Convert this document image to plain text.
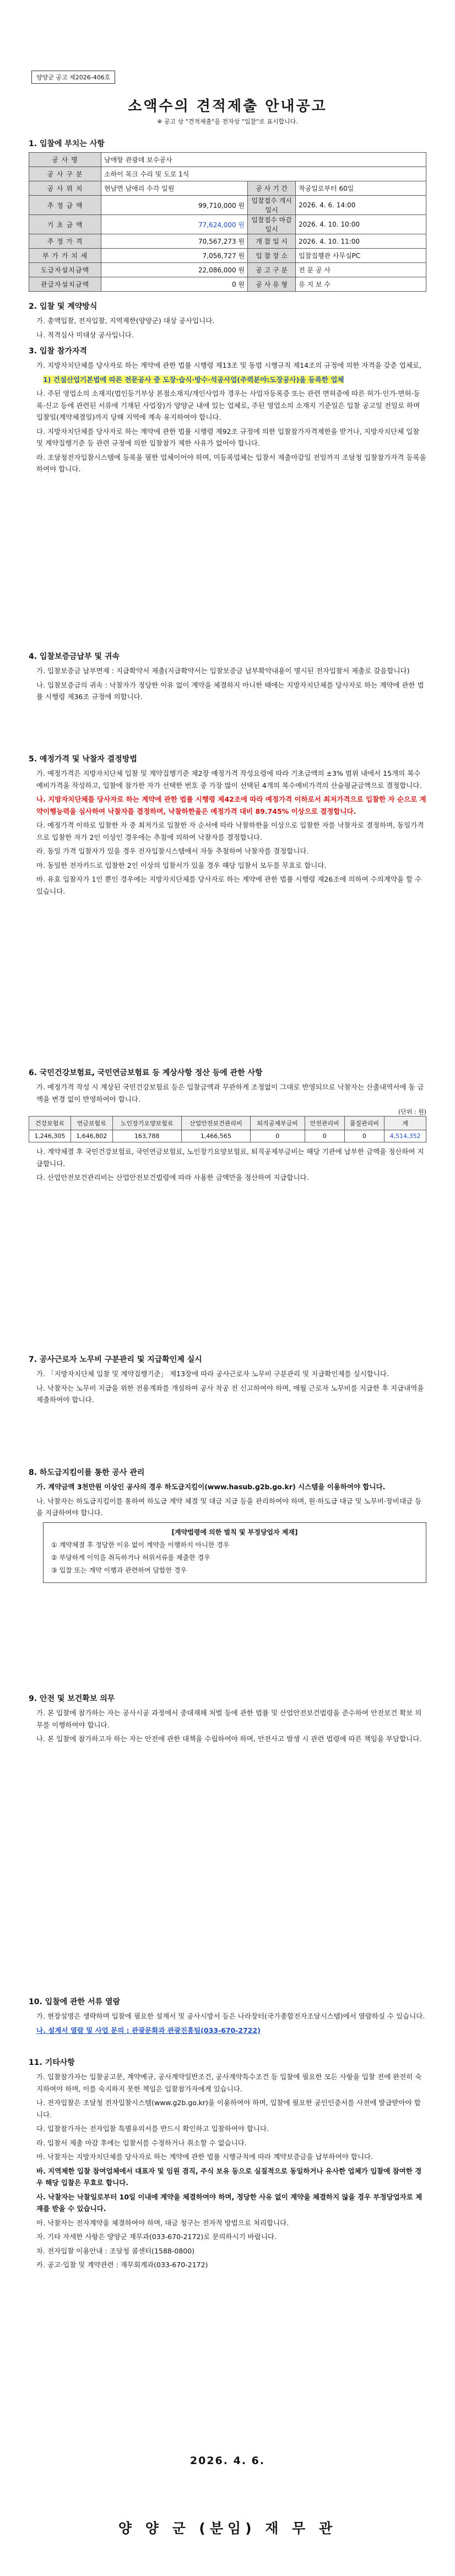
양양군 공고 제2026-406호
소액수의 견적제출 안내공고
※ 공고 상 "견적제출"을 전자상 "입찰"로 표시합니다.
1. 입찰에 부치는 사항
공 사 명	남애항 관광데 보수공사		
공 사 구 분	소하이 목크 수리 및 도로 1식		
공 사 위 치	현남면 남애리 수각 일원	공 사 기 간	착공일로부터 60일
추 정 금 액	99,710,000 원	입찰접수 개시일시	2026. 4. 6. 14:00
기 초 금 액	77,624,000 원	입찰접수 마감일시	2026. 4. 10. 10:00
추 정 가 격	70,567,273 원	개 찰 일 시	2026. 4. 10. 11:00
부 가 가 치 세	7,056,727 원	입 찰 장 소	입찰집행관 사무실PC
도급자설치금액	22,086,000 원	공 고 구 분	전 문 공 사
관급자설치금액	0 원	공 사 유 형	유 지 보 수
2. 입찰 및 계약방식

가. 총액입찰, 전자입찰, 지역제한(양양군) 대상 공사입니다.

나. 적격심사 미대상 공사입니다.

3. 입찰 참가자격

가. 지방자치단체를 당사자로 하는 계약에 관한 법률 시행령 제13조 및 동법 시행규칙 제14조의 규정에 의한 자격을 갖춘 업체로,

1) 건설산업기본법에 따른 전문공사 중 도장·습식·방수·석공사업(주력분야:도장공사)을 등록한 업체

나. 주된 영업소의 소재지(법인등기부상 본점소재지/개인사업자 경우는 사업자등록증 또는 관련 면허증에 따른 허가·인가·면허·등록·신고 등에 관련된 서류에 기재된 사업장)가 양양군 내에 있는 업체로, 주된 영업소의 소재지 기준일은 입찰 공고일 전일로 하며 입찰일(계약체결일)까지 당해 지역에 계속 유지하여야 합니다.

다. 지방자치단체를 당사자로 하는 계약에 관한 법률 시행령 제92조 규정에 의한 입찰참가자격제한을 받거나, 지방자치단체 입찰 및 계약집행기준 등 관련 규정에 의한 입찰참가 제한 사유가 없어야 합니다.

라. 조달청전자입찰시스템에 등록을 필한 업체이어야 하며, 미등록업체는 입찰서 제출마감일 전일까지 조달청 입찰참가자격 등록을 하여야 합니다.

4. 입찰보증금납부 및 귀속

가. 입찰보증금 납부면제 : 지급확약서 제출(지급확약서는 입찰보증금 납부확약내용이 명시된 전자입찰서 제출로 갈음합니다)

나. 입찰보증금의 귀속 : 낙찰자가 정당한 이유 없이 계약을 체결하지 아니한 때에는 지방자치단체를 당사자로 하는 계약에 관한 법률 시행령 제36조 규정에 의합니다.

5. 예정가격 및 낙찰자 결정방법

가. 예정가격은 지방자치단체 입찰 및 계약집행기준 제2장 예정가격 작성요령에 따라 기초금액의 ±3% 범위 내에서 15개의 복수예비가격을 작성하고, 입찰에 참가한 자가 선택한 번호 중 가장 많이 선택된 4개의 복수예비가격의 산술평균금액으로 결정합니다.

나. 지방자치단체를 당사자로 하는 계약에 관한 법률 시행령 제42조에 따라 예정가격 이하로서 최저가격으로 입찰한 자 순으로 계약이행능력을 심사하여 낙찰자를 결정하며, 낙찰하한율은 예정가격 대비 89.745% 이상으로 결정합니다.

다. 예정가격 이하로 입찰한 자 중 최저가로 입찰한 자 순서에 따라 낙찰하한율 이상으로 입찰한 자를 낙찰자로 결정하며, 동일가격으로 입찰한 자가 2인 이상인 경우에는 추첨에 의하여 낙찰자를 결정합니다.

라. 동일 가격 입찰자가 있을 경우 전자입찰시스템에서 자동 추첨하여 낙찰자를 결정합니다.

마. 동일한 전자카드로 입찰한 2인 이상의 입찰서가 있을 경우 해당 입찰서 모두를 무효로 합니다.

바. 유효 입찰자가 1인 뿐인 경우에는 지방자치단체를 당사자로 하는 계약에 관한 법률 시행령 제26조에 의하여 수의계약을 할 수 있습니다.

6. 국민건강보험료, 국민연금보험료 등 계상사항 정산 등에 관한 사항

가. 예정가격 작성 시 계상된 국민건강보험료 등은 입찰금액과 무관하게 조정없이 그대로 반영되므로 낙찰자는 산출내역서에 동 금액을 변경 없이 반영하여야 합니다.

(단위 : 원)
건강보험료	연금보험료	노인장기요양보험료	산업안전보건관리비	퇴직공제부금비	안전관리비	품질관리비	계
1,246,305	1,646,802	163,788	1,466,565	0	0	0	4,514,352

나. 계약체결 후 국민건강보험료, 국민연금보험료, 노인장기요양보험료, 퇴직공제부금비는 해당 기관에 납부한 금액을 정산하여 지급합니다.

다. 산업안전보건관리비는 산업안전보건법령에 따라 사용한 금액만을 정산하여 지급합니다.

7. 공사근로자 노무비 구분관리 및 지급확인제 실시

가. 「지방자치단체 입찰 및 계약집행기준」 제13장에 따라 공사근로자 노무비 구분관리 및 지급확인제를 실시합니다.

나. 낙찰자는 노무비 지급을 위한 전용계좌를 개설하여 공사 착공 전 신고하여야 하며, 매월 근로자 노무비를 지급한 후 지급내역을 제출하여야 합니다.

8. 하도급지킴이를 통한 공사 관리

가. 계약금액 3천만원 이상인 공사의 경우 하도급지킴이(www.hasub.g2b.go.kr) 시스템을 이용하여야 합니다.

나. 낙찰자는 하도급지킴이를 통하여 하도급 계약 체결 및 대금 지급 등을 관리하여야 하며, 원·하도급 대금 및 노무비·장비대금 등을 지급하여야 합니다.

[계약법령에 의한 벌칙 및 부정당업자 제재]

① 계약체결 후 정당한 이유 없이 계약을 이행하지 아니한 경우

② 부당하게 이익을 취득하거나 허위서류를 제출한 경우

③ 입찰 또는 계약 이행과 관련하여 담합한 경우

9. 안전 및 보건확보 의무

가. 본 입찰에 참가하는 자는 공사시공 과정에서 중대재해 처벌 등에 관한 법률 및 산업안전보건법령을 준수하여 안전보건 확보 의무를 이행하여야 합니다.

나. 본 입찰에 참가하고자 하는 자는 안전에 관한 대책을 수립하여야 하며, 안전사고 발생 시 관련 법령에 따른 책임을 부담합니다.

10. 입찰에 관한 서류 열람

가. 현장설명은 생략하며 입찰에 필요한 설계서 및 공사시방서 등은 나라장터(국가종합전자조달시스템)에서 열람하실 수 있습니다.

나. 설계서 열람 및 사업 문의 : 관광문화과 관광진흥팀(033-670-2722)

11. 기타사항

가. 입찰참가자는 입찰공고문, 계약예규, 공사계약일반조건, 공사계약특수조건 등 입찰에 필요한 모든 사항을 입찰 전에 완전히 숙지하여야 하며, 이를 숙지하지 못한 책임은 입찰참가자에게 있습니다.

나. 전자입찰은 조달청 전자입찰시스템(www.g2b.go.kr)을 이용하여야 하며, 입찰에 필요한 공인인증서를 사전에 발급받아야 합니다.

다. 입찰참가자는 전자입찰 특별유의서를 반드시 확인하고 입찰하여야 합니다.

라. 입찰서 제출 마감 후에는 입찰서를 수정하거나 취소할 수 없습니다.

마. 낙찰자는 지방자치단체를 당사자로 하는 계약에 관한 법률 시행규칙에 따라 계약보증금을 납부하여야 합니다.

바. 지역제한 입찰 참여업체에서 대표자 및 임원 겸직, 주식 보유 등으로 실질적으로 동일하거나 유사한 업체가 입찰에 참여한 경우 해당 입찰은 무효로 합니다.

사. 낙찰자는 낙찰일로부터 10일 이내에 계약을 체결하여야 하며, 정당한 사유 없이 계약을 체결하지 않을 경우 부정당업자로 제재를 받을 수 있습니다.

아. 낙찰자는 전자계약을 체결하여야 하며, 대금 청구는 전자적 방법으로 처리합니다.

자. 기타 자세한 사항은 양양군 재무과(033-670-2172)로 문의하시기 바랍니다.

차. 전자입찰 이용안내 : 조달청 콜센터(1588-0800)

카. 공고·입찰 및 계약관련 : 재무회계과(033-670-2172)

2026. 4. 6.
양 양 군 (분임) 재 무 관
